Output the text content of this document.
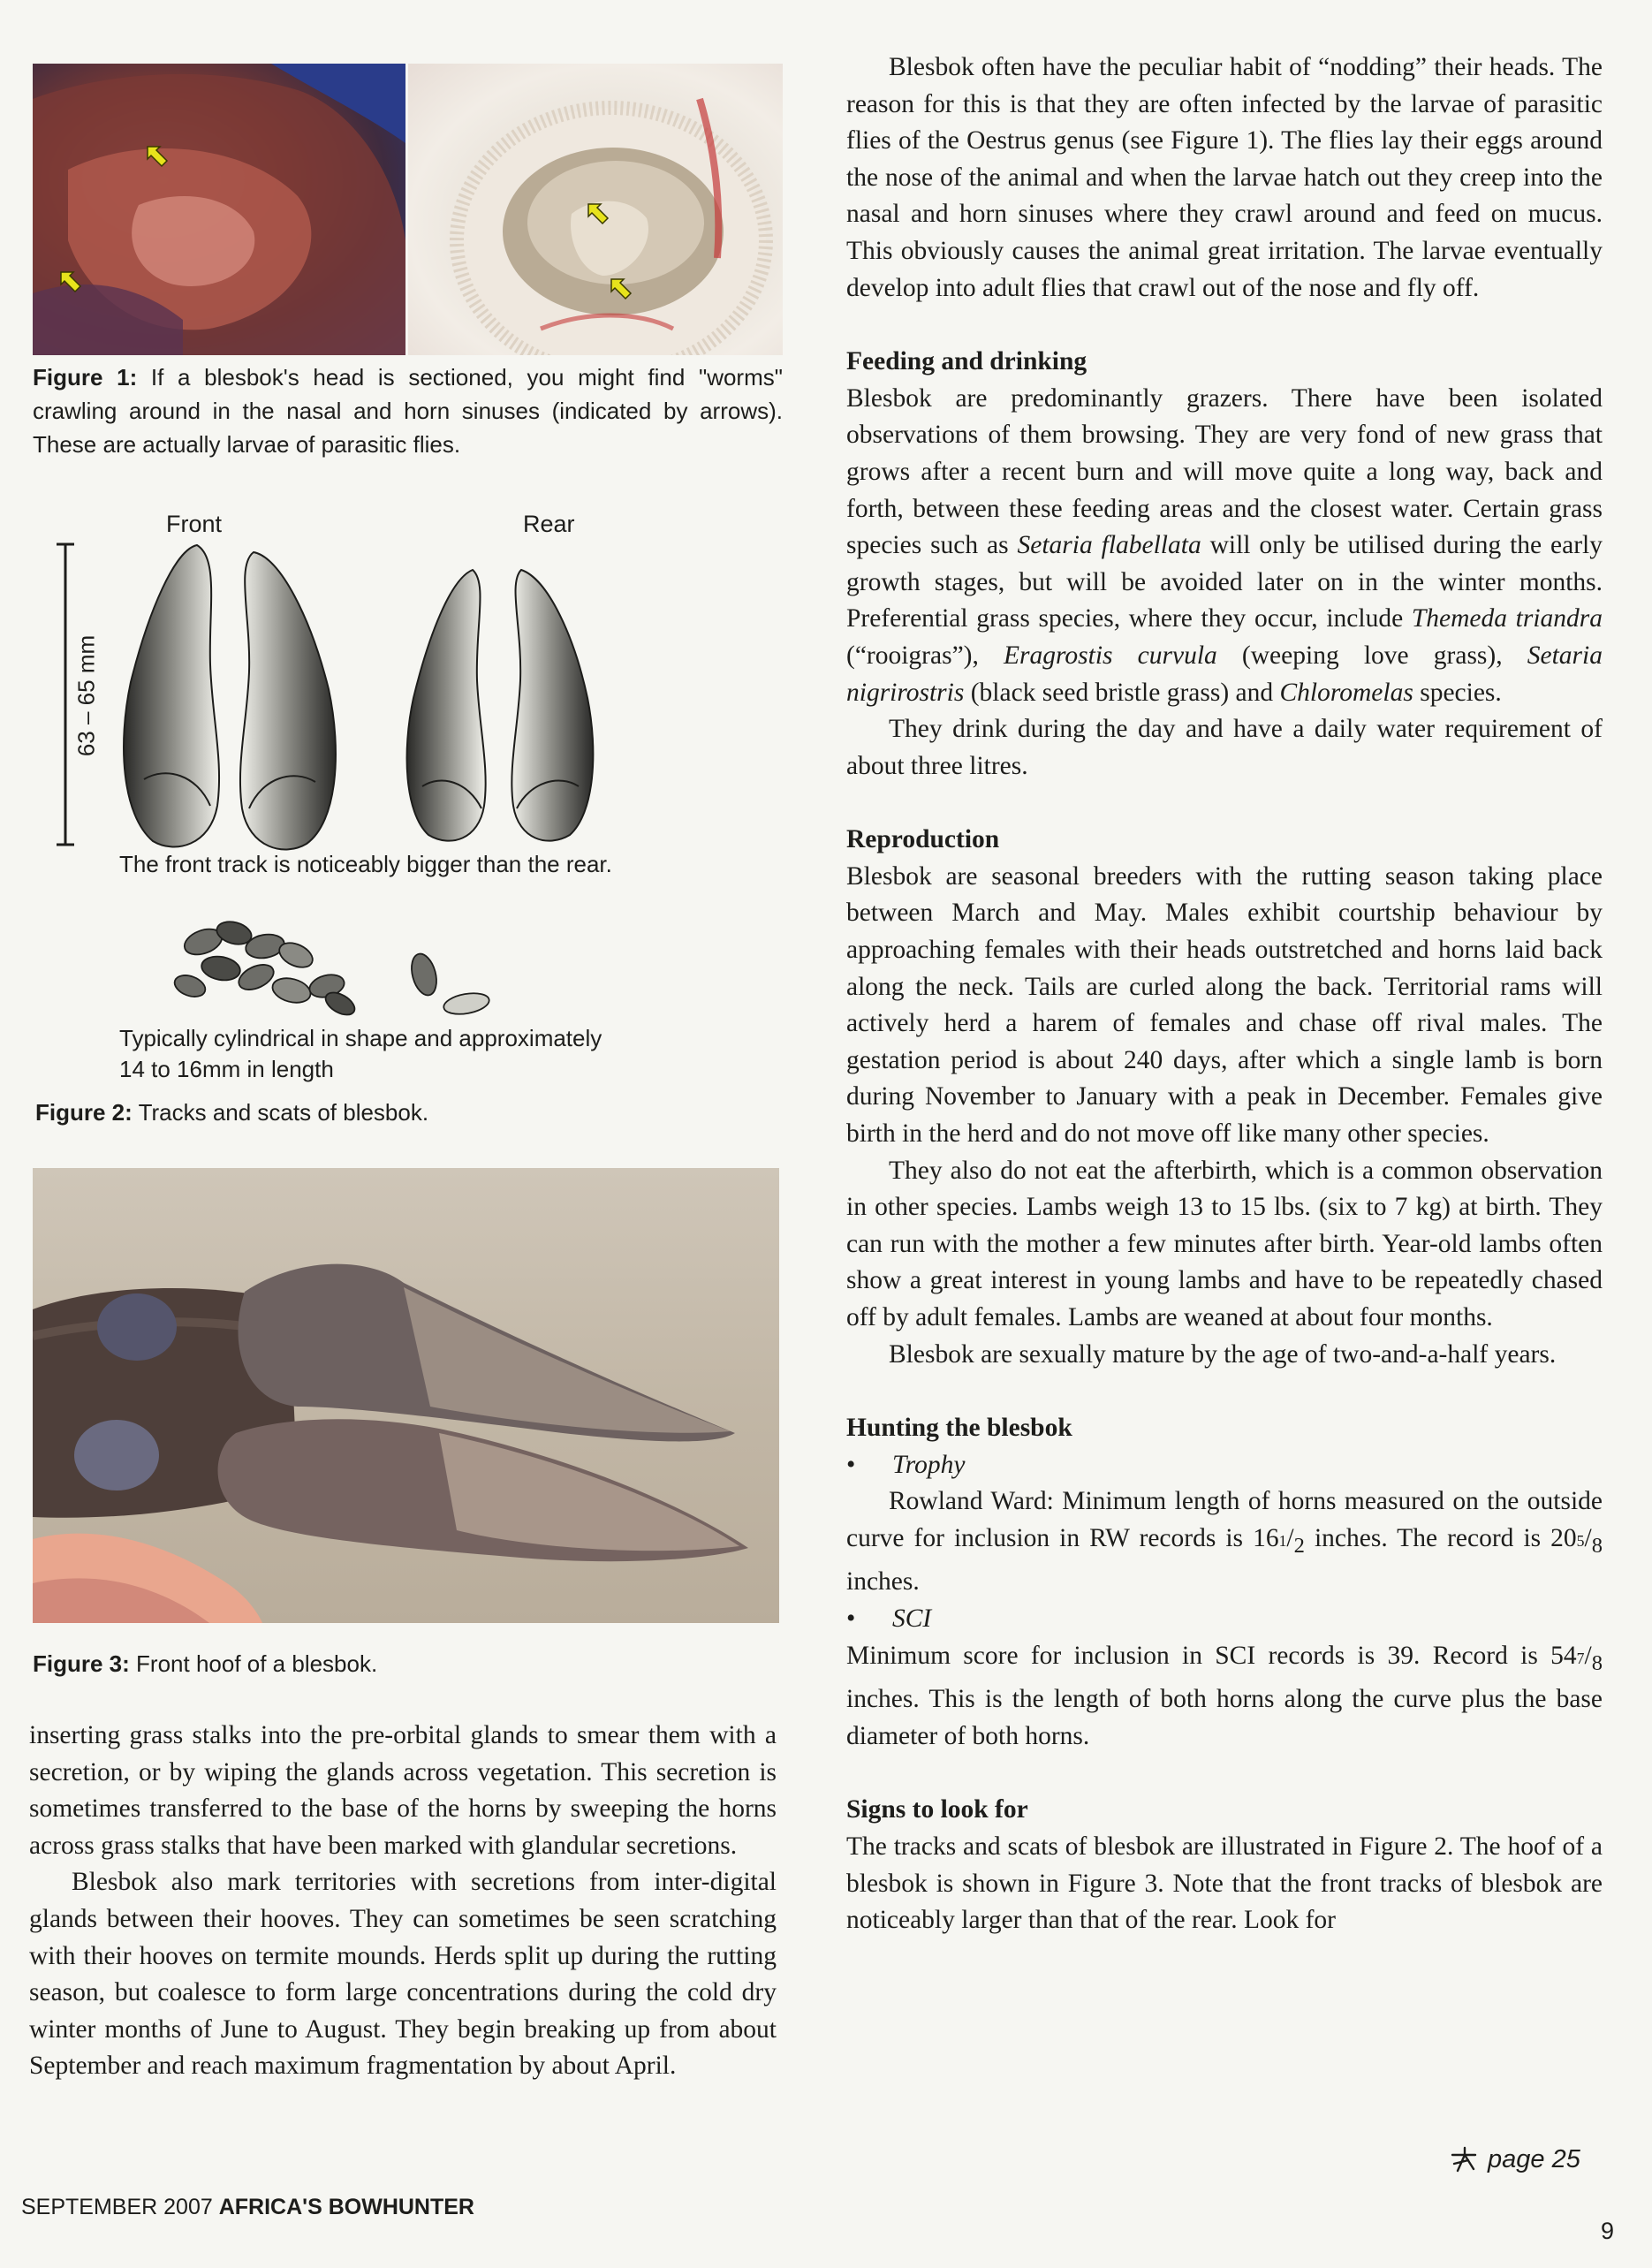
Figure 1: If a blesbok's head is sectioned, you might find "worms" crawling around in the nasal and horn sinuses (indicated by arrows). These are actually larvae of parasitic flies.
Front	Rear
63 – 65 mm
The front track is noticeably bigger than the rear.
Typically cylindrical in shape and approximately
14 to 16mm in length
Figure 2: Tracks and scats of blesbok.
Figure 3: Front hoof of a blesbok.

inserting grass stalks into the pre-orbital glands to smear them with a secretion, or by wiping the glands across vegetation. This secretion is sometimes transferred to the base of the horns by sweeping the horns across grass stalks that have been marked with glandular secretions.

Blesbok also mark territories with secretions from inter-digital glands between their hooves. They can sometimes be seen scratching with their hooves on termite mounds. Herds split up during the rutting season, but coalesce to form large concentrations during the cold dry winter months of June to August. They begin breaking up from about September and reach maximum fragmentation by about April.

Blesbok often have the peculiar habit of “nodding” their heads. The reason for this is that they are often infected by the larvae of parasitic flies of the Oestrus genus (see Figure 1). The flies lay their eggs around the nose of the animal and when the larvae hatch out they creep into the nasal and horn sinuses where they crawl around and feed on mucus. This obviously causes the animal great irritation. The larvae eventually develop into adult flies that crawl out of the nose and fly off.

Feeding and drinking

Blesbok are predominantly grazers. There have been isolated observations of them browsing. They are very fond of new grass that grows after a recent burn and will move quite a long way, back and forth, between these feeding areas and the closest water. Certain grass species such as Setaria flabellata will only be utilised during the early growth stages, but will be avoided later on in the winter months. Preferential grass species, where they occur, include Themeda triandra (“rooigras”), Eragrostis curvula (weeping love grass), Setaria nigrirostris (black seed bristle grass) and Chloromelas species.

They drink during the day and have a daily water requirement of about three litres.

Reproduction

Blesbok are seasonal breeders with the rutting season taking place between March and May. Males exhibit courtship behaviour by approaching females with their heads outstretched and horns laid back along the neck. Tails are curled along the back. Territorial rams will actively herd a harem of females and chase off rival males. The gestation period is about 240 days, after which a single lamb is born during November to January with a peak in December. Females give birth in the herd and do not move off like many other species.

They also do not eat the afterbirth, which is a common observation in other species. Lambs weigh 13 to 15 lbs. (six to 7 kg) at birth. They can run with the mother a few minutes after birth. Year-old lambs often show a great interest in young lambs and have to be repeatedly chased off by adult females. Lambs are weaned at about four months.

Blesbok are sexually mature by the age of two-and-a-half years.

Hunting the blesbok
•	Trophy

Rowland Ward: Minimum length of horns measured on the outside curve for inclusion in RW records is $16^1/_2$ inches. The record is $20^5/_8$ inches.

•	SCI

Minimum score for inclusion in SCI records is 39. Record is $54^7/_8$ inches. This is the length of both horns along the curve plus the base diameter of both horns.

Signs to look for

The tracks and scats of blesbok are illustrated in Figure 2. The hoof of a blesbok is shown in Figure 3. Note that the front tracks of blesbok are noticeably larger than that of the rear. Look for

page 25
SEPTEMBER 2007 AFRICA'S BOWHUNTER
9
